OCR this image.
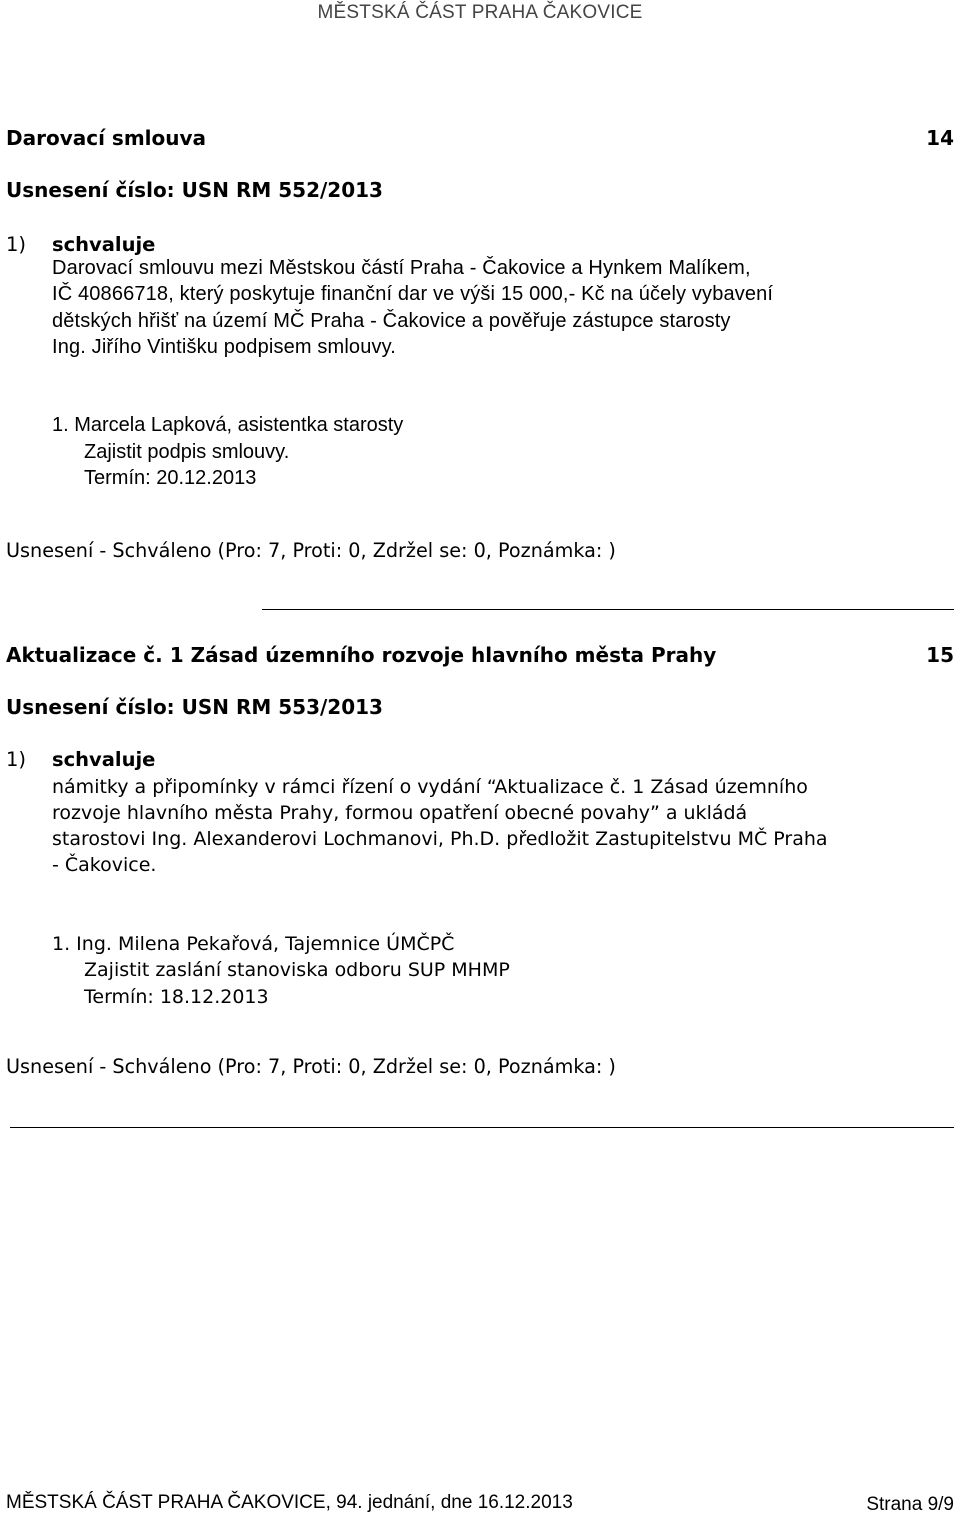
MĚSTSKÁ ČÁST PRAHA ČAKOVICE
Darovací smlouva	14
Usnesení číslo: USN RM 552/2013
1) schvaluje
Darovací smlouvu mezi Městskou částí Praha - Čakovice a Hynkem Malíkem,
IČ 40866718, který poskytuje finanční dar ve výši 15 000,- Kč na účely vybavení
dětských hřišť na území MČ Praha - Čakovice a pověřuje zástupce starosty
Ing. Jiřího Vintišku podpisem smlouvy.
1. Marcela Lapková, asistentka starosty
Zajistit podpis smlouvy.
Termín: 20.12.2013
Usnesení - Schváleno (Pro: 7, Proti: 0, Zdržel se: 0, Poznámka: )
Aktualizace č. 1 Zásad územního rozvoje hlavního města Prahy	15
Usnesení číslo: USN RM 553/2013
1) schvaluje
námitky a připomínky v rámci řízení o vydání “Aktualizace č. 1 Zásad územního
rozvoje hlavního města Prahy, formou opatření obecné povahy” a ukládá
starostovi Ing. Alexanderovi Lochmanovi, Ph.D. předložit Zastupitelstvu MČ Praha
- Čakovice.
1. Ing. Milena Pekařová, Tajemnice ÚMČPČ
Zajistit zaslání stanoviska odboru SUP MHMP
Termín: 18.12.2013
Usnesení - Schváleno (Pro: 7, Proti: 0, Zdržel se: 0, Poznámka: )
MĚSTSKÁ ČÁST PRAHA ČAKOVICE, 94. jednání, dne 16.12.2013	Strana 9/9
